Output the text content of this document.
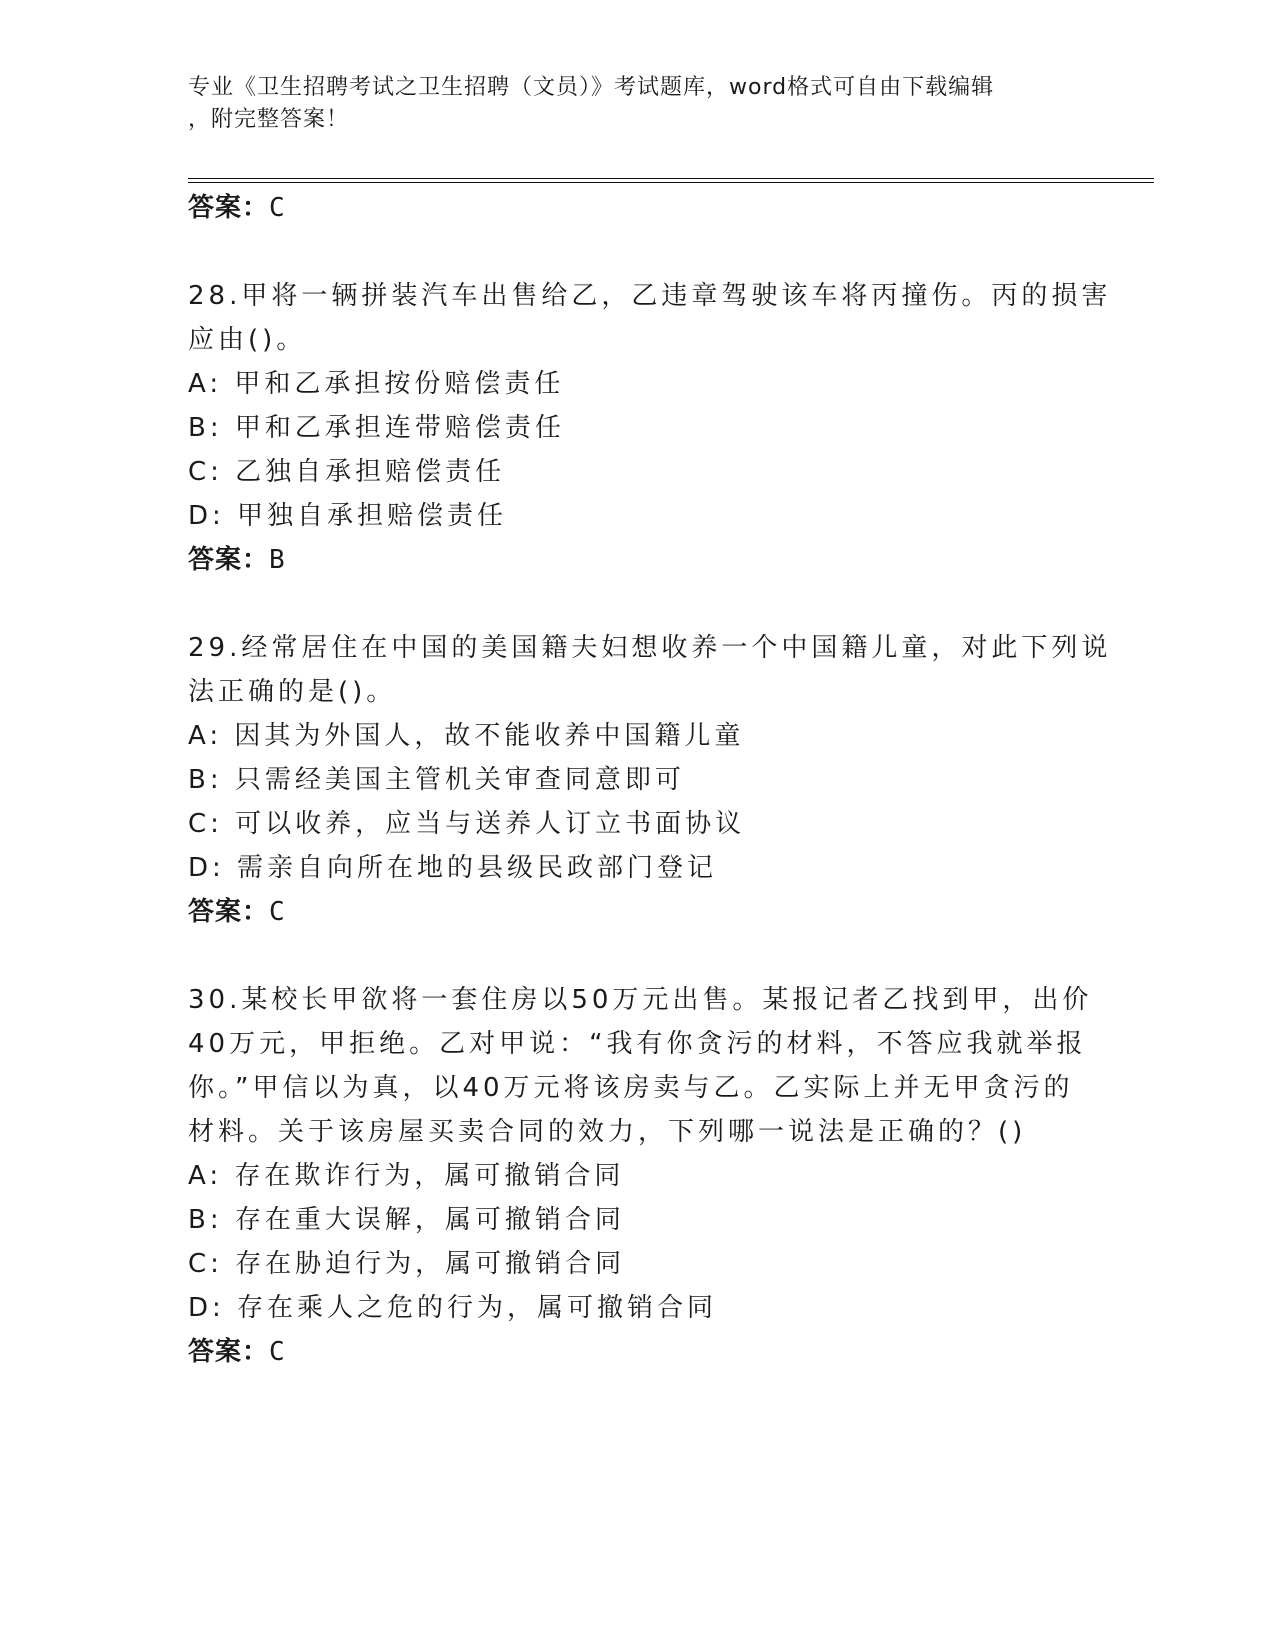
专业《卫生招聘考试之卫生招聘（文员）》考试题库，word格式可自由下载编辑
，附完整答案！
答案：C
28.甲将一辆拼装汽车出售给乙，乙违章驾驶该车将丙撞伤。丙的损害
应由()。
A: 甲和乙承担按份赔偿责任
B: 甲和乙承担连带赔偿责任
C: 乙独自承担赔偿责任
D: 甲独自承担赔偿责任
答案：B
29.经常居住在中国的美国籍夫妇想收养一个中国籍儿童，对此下列说
法正确的是()。
A: 因其为外国人，故不能收养中国籍儿童
B: 只需经美国主管机关审查同意即可
C: 可以收养，应当与送养人订立书面协议
D: 需亲自向所在地的县级民政部门登记
答案：C
30.某校长甲欲将一套住房以50万元出售。某报记者乙找到甲，出价
40万元，甲拒绝。乙对甲说：“我有你贪污的材料，不答应我就举报
你。”甲信以为真，以40万元将该房卖与乙。乙实际上并无甲贪污的
材料。关于该房屋买卖合同的效力，下列哪一说法是正确的？()
A: 存在欺诈行为，属可撤销合同
B: 存在重大误解，属可撤销合同
C: 存在胁迫行为，属可撤销合同
D: 存在乘人之危的行为，属可撤销合同
答案：C
